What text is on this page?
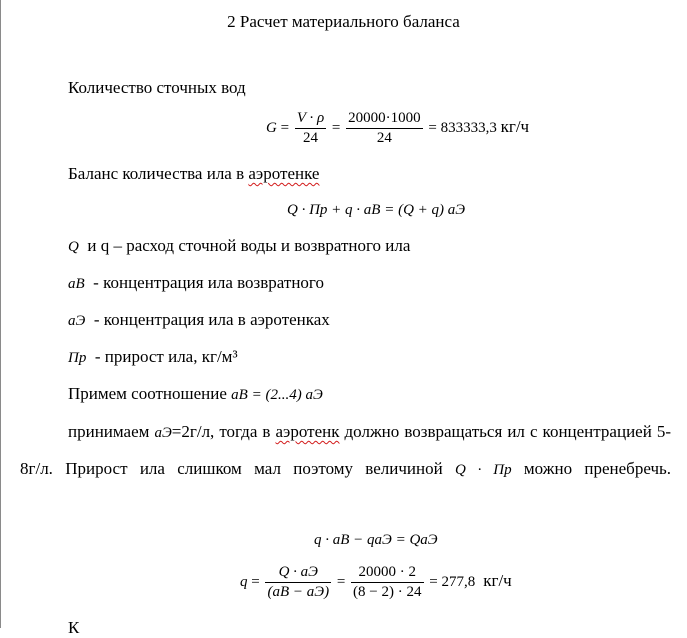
2 Расчет материального баланса
Количество сточных вод
$G = \frac{V \cdot \rho}{24} = \frac{20000\cdot 1000}{24} = 833333,3$ кг/ч
Баланс количества ила в аэротенке
Q · Пр + q · aВ = (Q + q) aЭ
Q и q – расход сточной воды и возвратного ила
aВ - концентрация ила возвратного
aЭ - концентрация ила в аэротенках
Пр - прирост ила, кг/м³
Примем соотношение aВ = (2...4) aЭ
принимаем aЭ=2г/л, тогда в аэротенк должно возвращаться ил с концентрацией 5-8г/л. Прирост ила слишком мал поэтому величиной Q · Пр можно пренебречь.
q · aВ − qaЭ = QaЭ
$q = \frac{Q \cdot aЭ}{(aВ - aЭ)} = \frac{20000 \cdot 2}{(8 - 2) \cdot 24} = 277,8$ кг/ч
К
